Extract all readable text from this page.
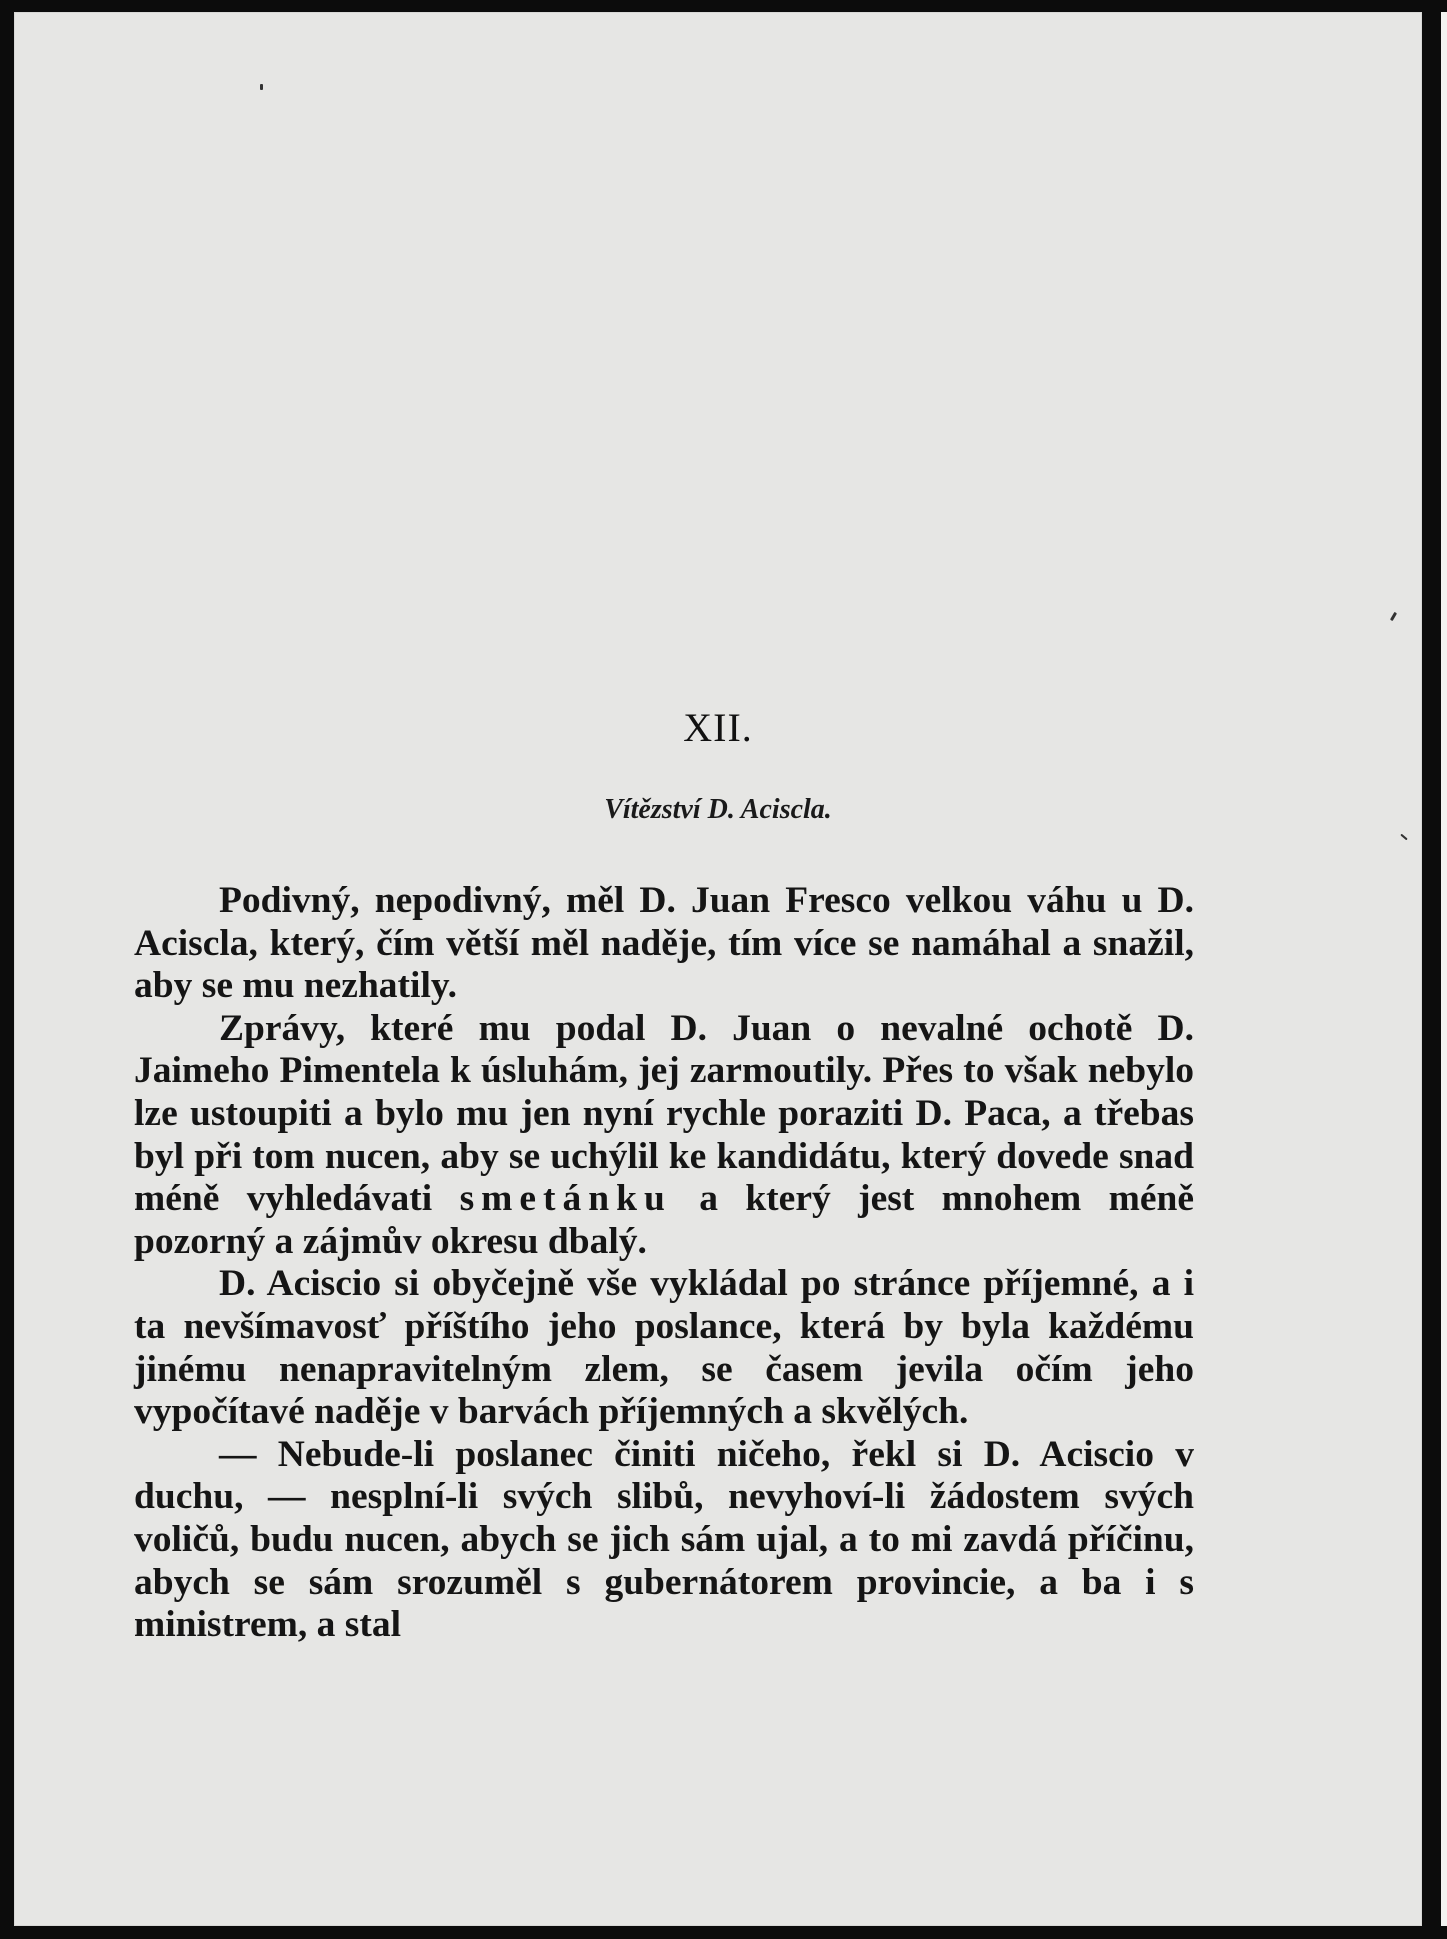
XII.
Vítězství D. Aciscla.

Podivný, nepodivný, měl D. Juan Fresco velkou váhu u D. Aciscla, který, čím větší měl naděje, tím více se namáhal a snažil, aby se mu nezhatily.

Zprávy, které mu podal D. Juan o nevalné ochotě D. Jaimeho Pimentela k úsluhám, jej zarmoutily. Přes to však nebylo lze ustoupiti a bylo mu jen nyní rychle poraziti D. Paca, a třebas byl při tom nucen, aby se uchýlil ke kandidátu, který dovede snad méně vyhledávati smetánku a který jest mnohem méně pozorný a zájmův okresu dbalý.

D. Aciscio si obyčejně vše vykládal po stránce příjemné, a i ta nevšímavosť příštího jeho poslance, která by byla každému jinému nenapravitelným zlem, se časem jevila očím jeho vypočítavé naděje v barvách příjemných a skvělých.

— Nebude-li poslanec činiti ničeho, řekl si D. Aciscio v duchu, — nesplní-li svých slibů, nevyhoví-li žádostem svých voličů, budu nucen, abych se jich sám ujal, a to mi zavdá příčinu, abych se sám srozuměl s gubernátorem provincie, a ba i s ministrem, a stal
